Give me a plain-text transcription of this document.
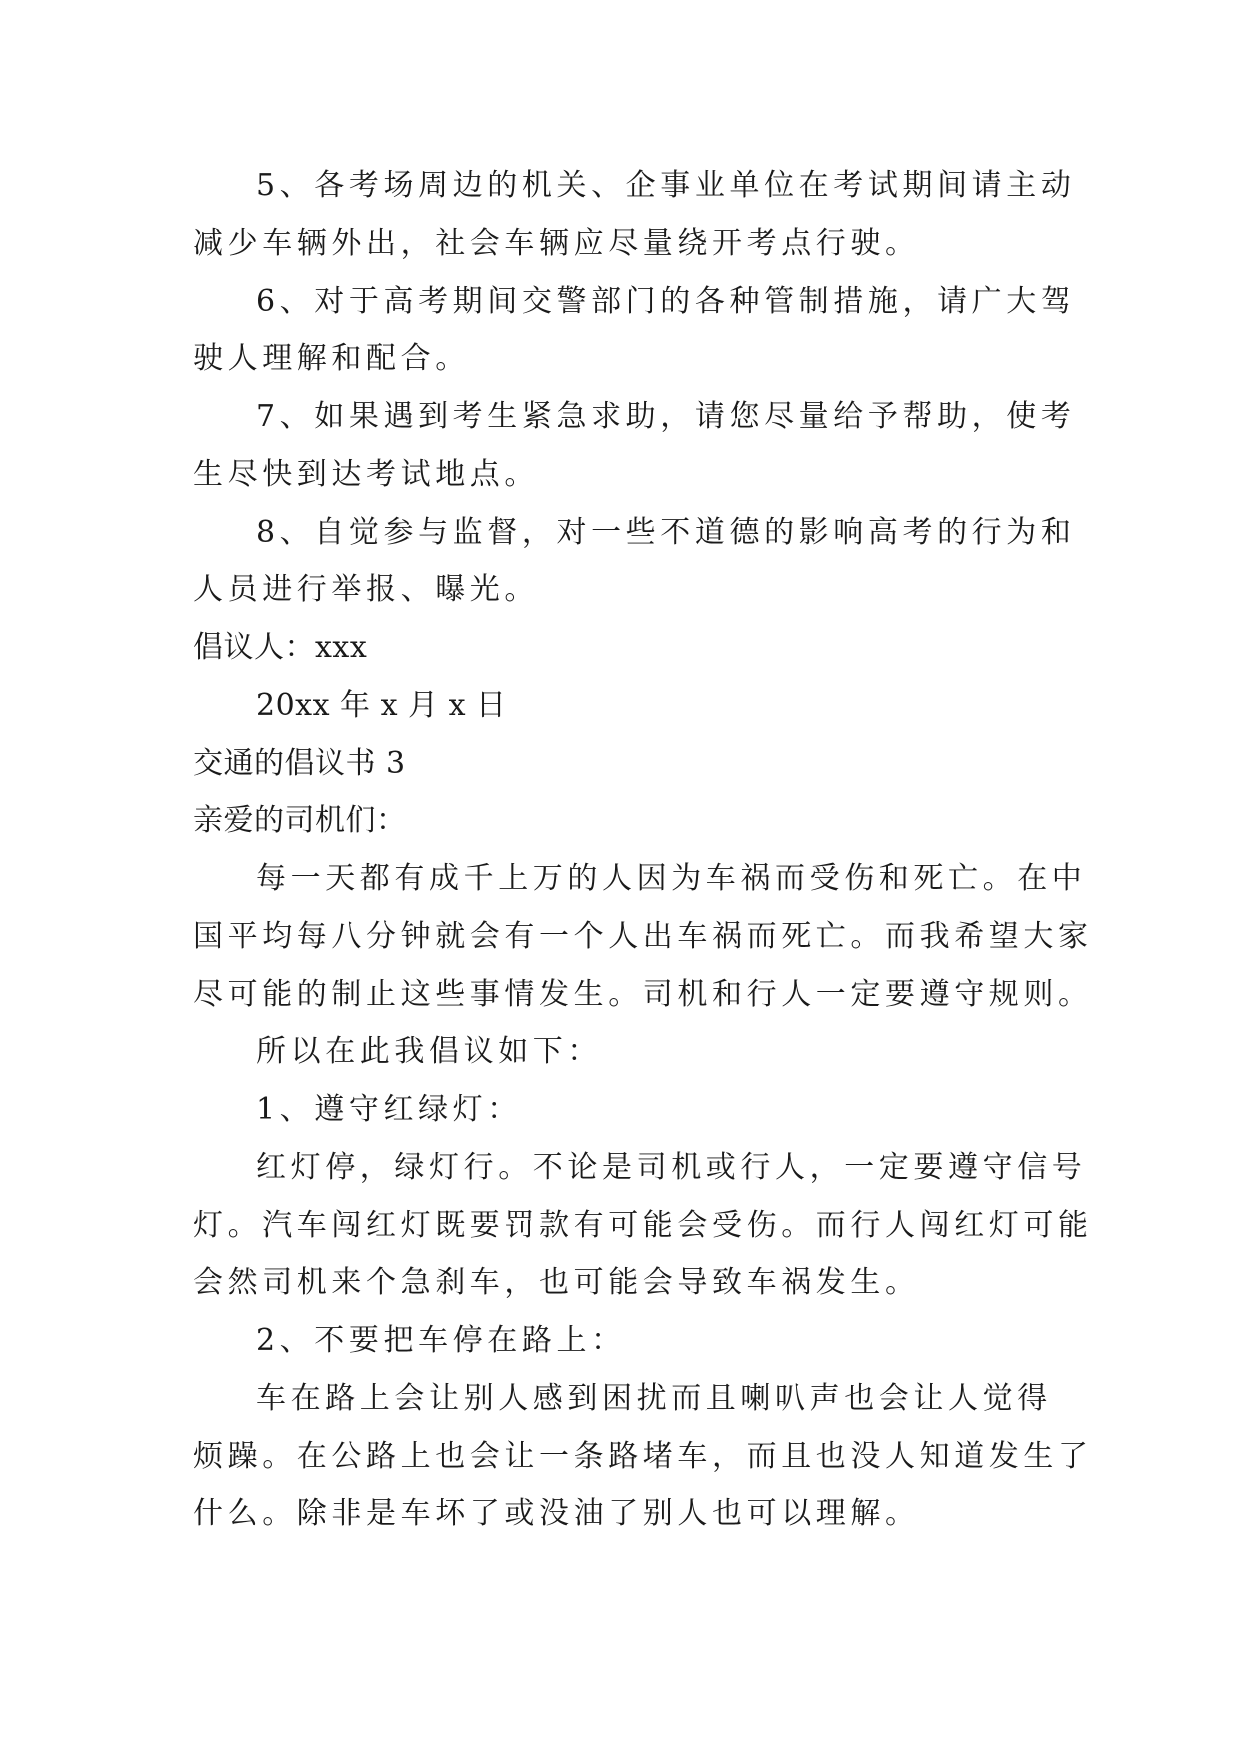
5、各考场周边的机关、企事业单位在考试期间请主动
减少车辆外出，社会车辆应尽量绕开考点行驶。
6、对于高考期间交警部门的各种管制措施，请广大驾
驶人理解和配合。
7、如果遇到考生紧急求助，请您尽量给予帮助，使考
生尽快到达考试地点。
8、自觉参与监督，对一些不道德的影响高考的行为和
人员进行举报、曝光。
倡议人：xxx
20xx 年 x 月 x 日
交通的倡议书 3
亲爱的司机们：
每一天都有成千上万的人因为车祸而受伤和死亡。在中
国平均每八分钟就会有一个人出车祸而死亡。而我希望大家
尽可能的制止这些事情发生。司机和行人一定要遵守规则。
所以在此我倡议如下：
1、遵守红绿灯：
红灯停，绿灯行。不论是司机或行人，一定要遵守信号
灯。汽车闯红灯既要罚款有可能会受伤。而行人闯红灯可能
会然司机来个急刹车，也可能会导致车祸发生。
2、不要把车停在路上：
车在路上会让别人感到困扰而且喇叭声也会让人觉得
烦躁。在公路上也会让一条路堵车，而且也没人知道发生了
什么。除非是车坏了或没油了别人也可以理解。
